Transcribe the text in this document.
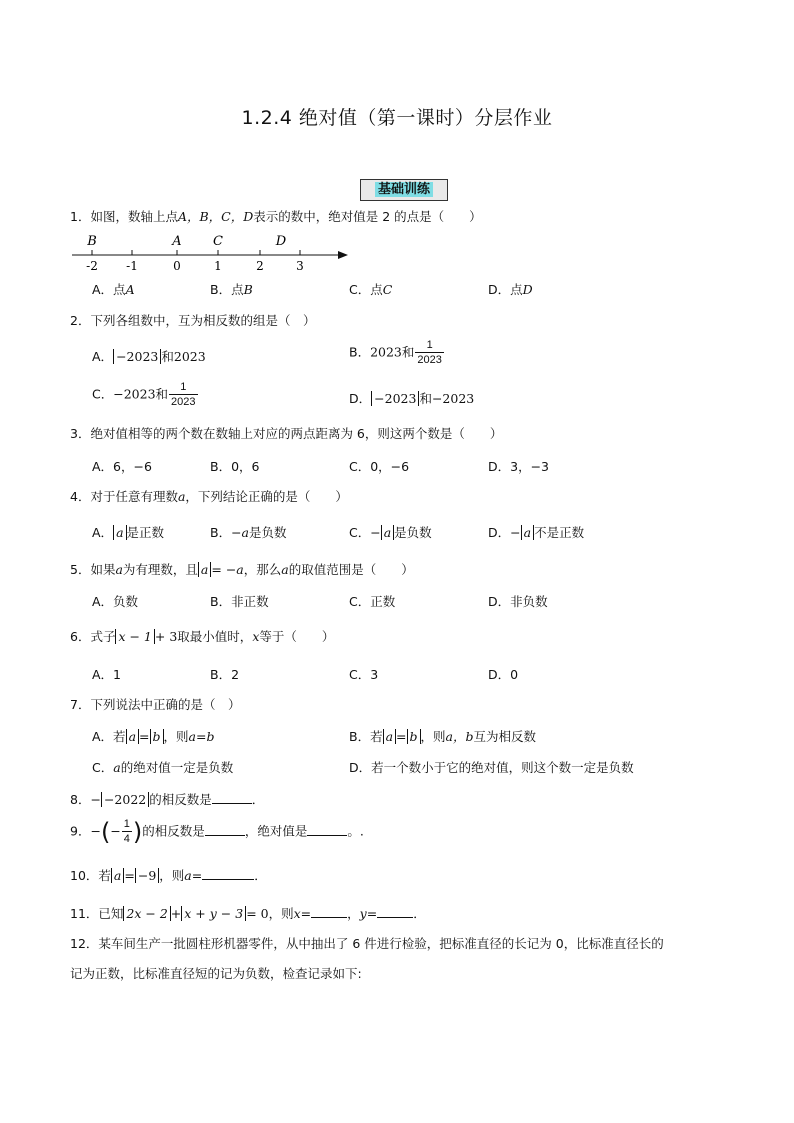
1.2.4 绝对值（第一课时）分层作业
基础训练
1．如图，数轴上点A，B，C，D表示的数中，绝对值是 2 的点是（　　）
-2 -1	0	1	2	3
B	A C	D
A．点A	B．点B	C．点C	D．点D
2．下列各组数中，互为相反数的组是（　）
A． −2023 和2023	B．2023和 $\frac{1}{2023}$
C．−2023和 $\frac{1}{2023}$	D． −2023 和−2023
3．绝对值相等的两个数在数轴上对应的两点距离为 6，则这两个数是（　　）
A．6，−6	B．0，6	C．0，−6	D．3，−3
4．对于任意有理数a，下列结论正确的是（　　）
A． a 是正数	B．−a是负数	C．− a 是负数	D．− a 不是正数
5．如果a为有理数，且 a = −a，那么a的取值范围是（　　）
A．负数	B．非正数	C．正数	D．非负数
6．式子 x − 1 + 3取最小值时，x等于（　　）
A．1	B．2	C．3	D．0
7．下列说法中正确的是（　）
A．若 a = b ，则a=b	B．若 a = b ，则a，b互为相反数
C．a的绝对值一定是负数	D．若一个数小于它的绝对值，则这个数一定是负数
8．− −2022 的相反数是	．
9．−(− $\frac{1}{4}$ )的相反数是	，绝对值是	。.
10．若 a = −9 ，则a=	．
11．已知 2x − 2 + x + y − 3 = 0，则x=	，y=	．
12．某车间生产一批圆柱形机器零件，从中抽出了 6 件进行检验，把标准直径的长记为 0，比标准直径长的
记为正数，比标准直径短的记为负数，检查记录如下:
